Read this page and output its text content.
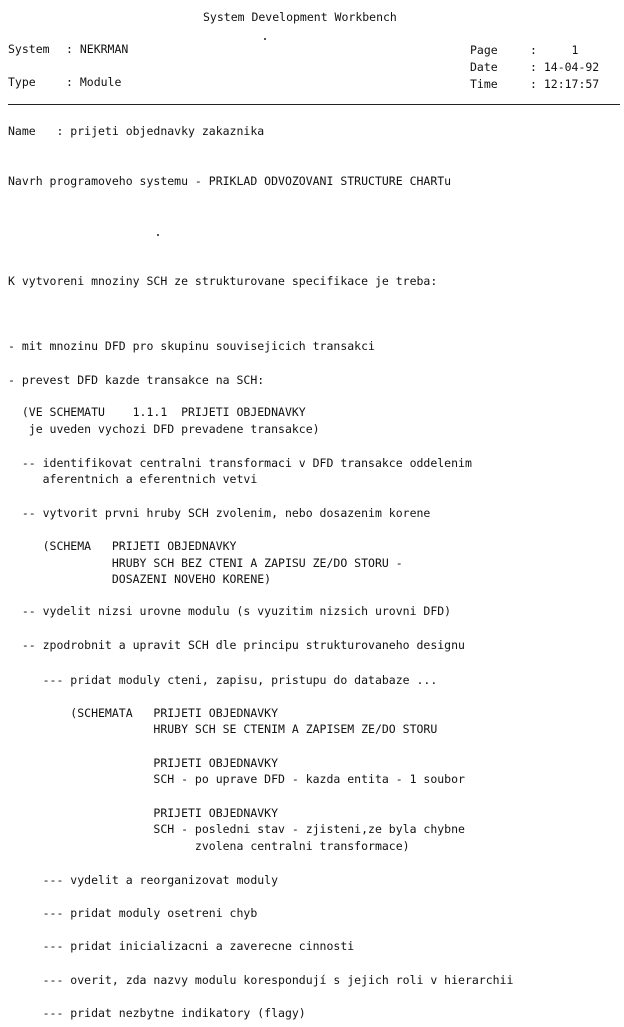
System Development Workbench
System : NEKRMAN
Type	: Module
Page	:     1
Date	: 14-04-92
Time	: 12:17:57
Name   : prijeti objednavky zakaznika
Navrh programoveho systemu - PRIKLAD ODVOZOVANI STRUCTURE CHARTu
K vytvoreni mnoziny SCH ze strukturovane specifikace je treba:
- mit mnozinu DFD pro skupinu souvisejicich transakci
- prevest DFD kazde transakce na SCH:
(VE SCHEMATU    1.1.1  PRIJETI OBJEDNAVKY
je uveden vychozi DFD prevadene transakce)
-- identifikovat centralni transformaci v DFD transakce oddelenim
aferentnich a eferentnich vetvi
-- vytvorit prvni hruby SCH zvolenim, nebo dosazenim korene
(SCHEMA   PRIJETI OBJEDNAVKY
HRUBY SCH BEZ CTENI A ZAPISU ZE/DO STORU -
DOSAZENI NOVEHO KORENE)
-- vydelit nizsi urovne modulu (s vyuzitim nizsich urovni DFD)
-- zpodrobnit a upravit SCH dle principu strukturovaneho designu
--- pridat moduly cteni, zapisu, pristupu do databaze ...
(SCHEMATA   PRIJETI OBJEDNAVKY
HRUBY SCH SE CTENIM A ZAPISEM ZE/DO STORU
PRIJETI OBJEDNAVKY
SCH - po uprave DFD - kazda entita - 1 soubor
PRIJETI OBJEDNAVKY
SCH - posledni stav - zjisteni,ze byla chybne
zvolena centralni transformace)
--- vydelit a reorganizovat moduly
--- pridat moduly osetreni chyb
--- pridat inicializacni a zaverecne cinnosti
--- overit, zda nazvy modulu korespondují s jejich roli v hierarchii
--- pridat nezbytne indikatory (flagy)
